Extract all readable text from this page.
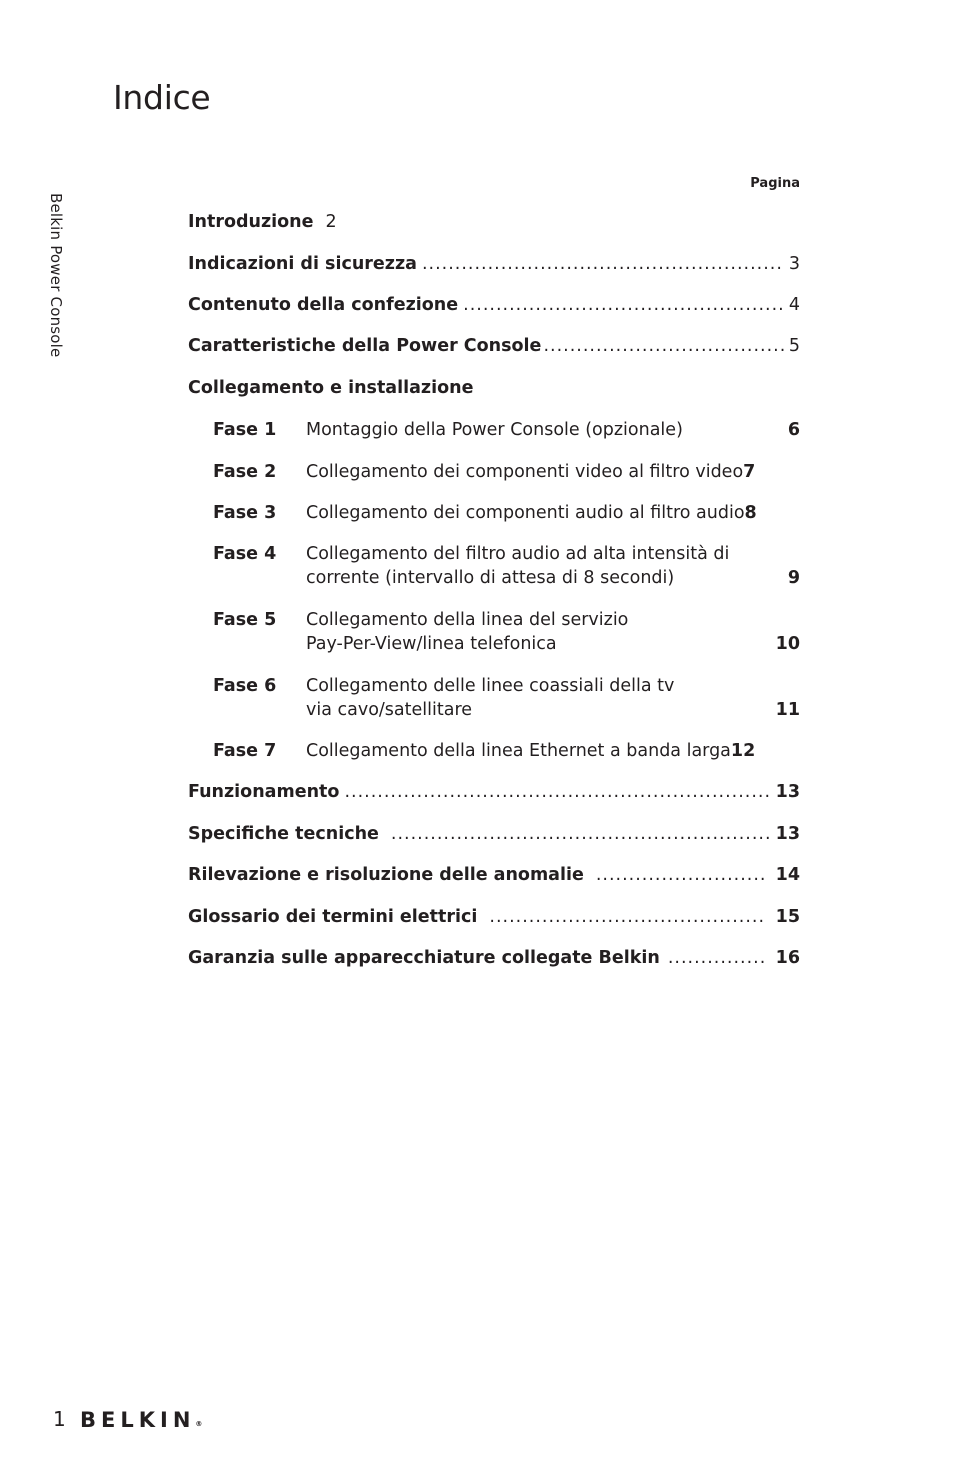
Indice
Belkin Power Console
Pagina
Introduzione 2
Indicazioni di sicurezza .....	3
Contenuto della confezione .....	4
Caratteristiche della Power Console .....	5
Collegamento e installazione
Fase 1 Montaggio della Power Console (opzionale)	6
Fase 2 Collegamento dei componenti video al filtro video 7
Fase 3 Collegamento dei componenti audio al filtro audio 8
Fase 4 Collegamento del filtro audio ad alta intensità di
corrente (intervallo di attesa di 8 secondi)	9
Fase 5 Collegamento della linea del servizio
Pay-Per-View/linea telefonica	10
Fase 6 Collegamento delle linee coassiali della tv
via cavo/satellitare	11
Fase 7 Collegamento della linea Ethernet a banda larga 12
Funzionamento .....	13
Specifiche tecniche .....	13
Rilevazione e risoluzione delle anomalie .....	14
Glossario dei termini elettrici .....	15
Garanzia sulle apparecchiature collegate Belkin .....	16
1 BELKIN®
